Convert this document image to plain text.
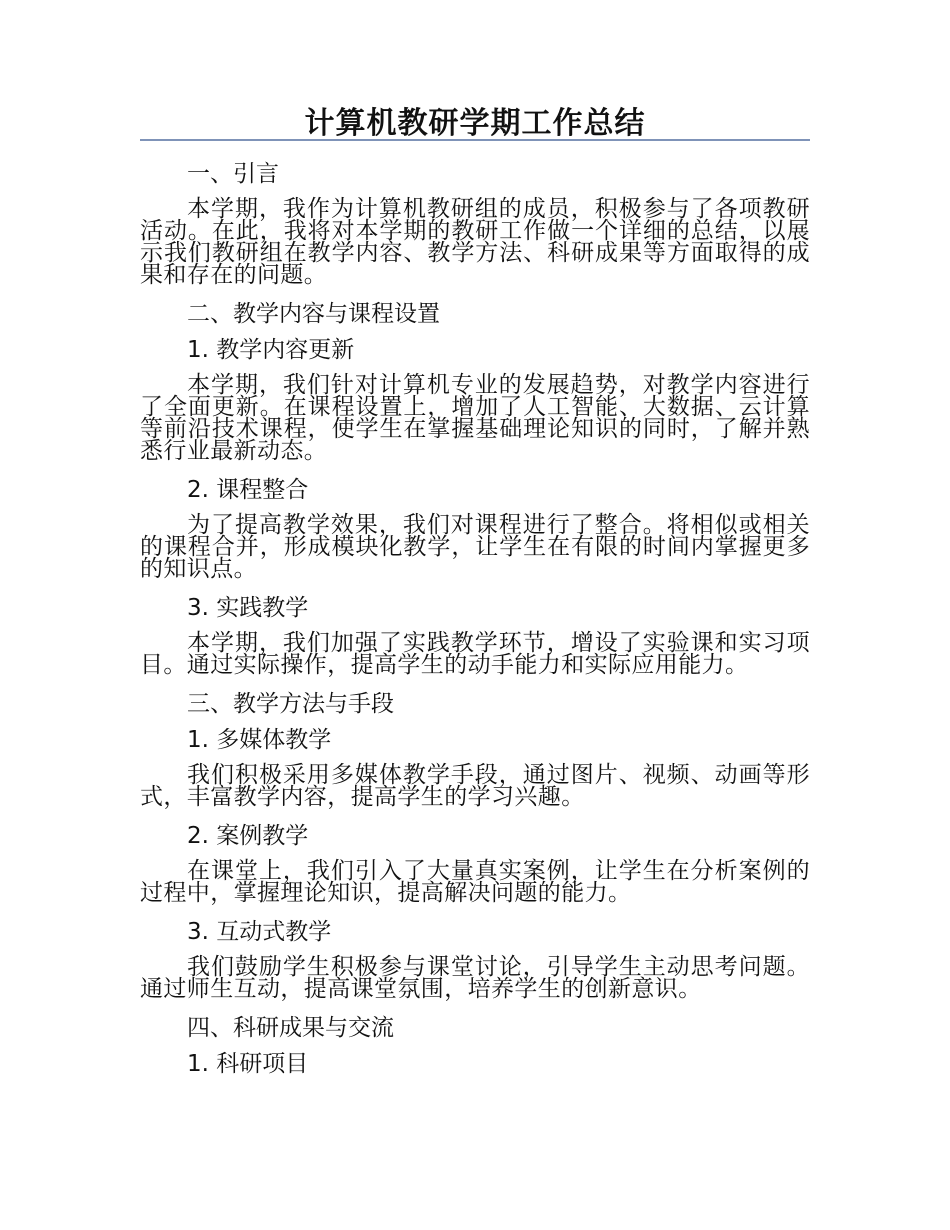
计算机教研学期工作总结
一、引言

本学期，我作为计算机教研组的成员，积极参与了各项教研活动。在此，我将对本学期的教研工作做一个详细的总结，以展示我们教研组在教学内容、教学方法、科研成果等方面取得的成果和存在的问题。

二、教学内容与课程设置
1. 教学内容更新

本学期，我们针对计算机专业的发展趋势，对教学内容进行了全面更新。在课程设置上，增加了人工智能、大数据、云计算等前沿技术课程，使学生在掌握基础理论知识的同时，了解并熟悉行业最新动态。

2. 课程整合

为了提高教学效果，我们对课程进行了整合。将相似或相关的课程合并，形成模块化教学，让学生在有限的时间内掌握更多的知识点。

3. 实践教学

本学期，我们加强了实践教学环节，增设了实验课和实习项目。通过实际操作，提高学生的动手能力和实际应用能力。

三、教学方法与手段
1. 多媒体教学

我们积极采用多媒体教学手段，通过图片、视频、动画等形式，丰富教学内容，提高学生的学习兴趣。

2. 案例教学

在课堂上，我们引入了大量真实案例，让学生在分析案例的过程中，掌握理论知识，提高解决问题的能力。

3. 互动式教学

我们鼓励学生积极参与课堂讨论，引导学生主动思考问题。通过师生互动，提高课堂氛围，培养学生的创新意识。

四、科研成果与交流
1. 科研项目
